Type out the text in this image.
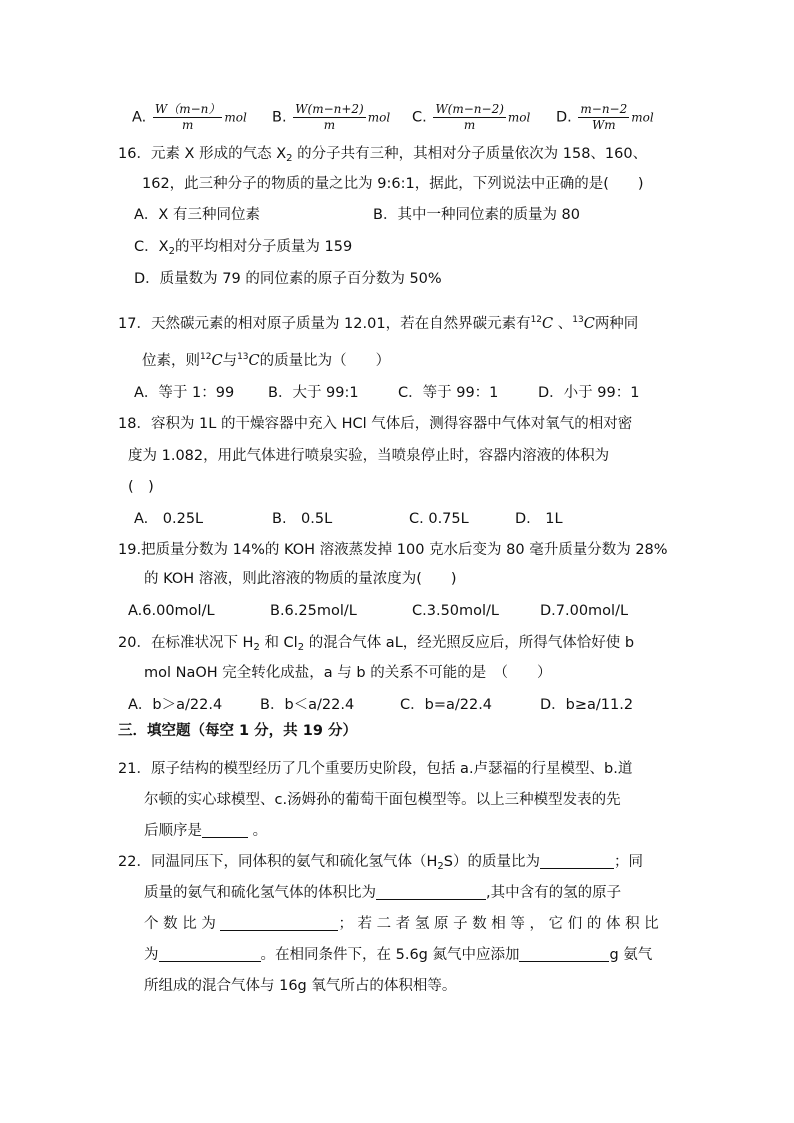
A. $\frac{W(m-n)}{m}$ mol B. $\frac{W(m-n+2)}{m}$ mol C. $\frac{W(m-n-2)}{m}$ mol D. $\frac{m-n-2}{Wm}$ mol
16．元素 X 形成的气态 $X_2$ 的分子共有三种，其相对分子质量依次为 158、160、
162，此三种分子的物质的量之比为 9:6:1，据此，下列说法中正确的是(　　)
A．X 有三种同位素	B．其中一种同位素的质量为 80
C．$X_2$的平均相对分子质量为 159
D．质量数为 79 的同位素的原子百分数为 50%
17．天然碳元素的相对原子质量为 12.01，若在自然界碳元素有$^{12}$C 、$^{13}$C两种同
位素，则$^{12}$C与$^{13}$C的质量比为（　　）
A．等于 1：99 B．大于 99:1	C．等于 99：1	D．小于 99：1
18．容积为 1L 的干燥容器中充入 HCl 气体后，测得容器中气体对氧气的相对密
度为 1.082，用此气体进行喷泉实验，当喷泉停止时，容器内溶液的体积为
(　)
A.　0.25L	B.　0.5L	C. 0.75L	D.　1L
19.把质量分数为 14%的 KOH 溶液蒸发掉 100 克水后变为 80 毫升质量分数为 28%
的 KOH 溶液，则此溶液的物质的量浓度为(　　)
A.6.00mol/L	B.6.25mol/L	C.3.50mol/L	D.7.00mol/L
20．在标准状况下 $H_2$ 和 $Cl_2$ 的混合气体 aL，经光照反应后，所得气体恰好使 b
mol NaOH 完全转化成盐，a 与 b 的关系不可能的是　（　　）
A．b＞a/22.4	B．b＜a/22.4	C．b=a/22.4	D．b≥a/11.2
三．填空题（每空 1 分，共 19 分）
21．原子结构的模型经历了几个重要历史阶段，包括 a.卢瑟福的行星模型、b.道
尔顿的实心球模型、c.汤姆孙的葡萄干面包模型等。以上三种模型发表的先
后顺序是	。
22．同温同压下，同体积的氨气和硫化氢气体$(H_2S)$的质量比为	；同
质量的氨气和硫化氢气体的体积比为	,其中含有的氢的原子
个 数 比 为	； 若 二 者 氢 原 子 数 相 等 ， 它 们 的 体 积 比
为	。在相同条件下，在 5.6g 氮气中应添加	g 氨气
所组成的混合气体与 16g 氧气所占的体积相等。
